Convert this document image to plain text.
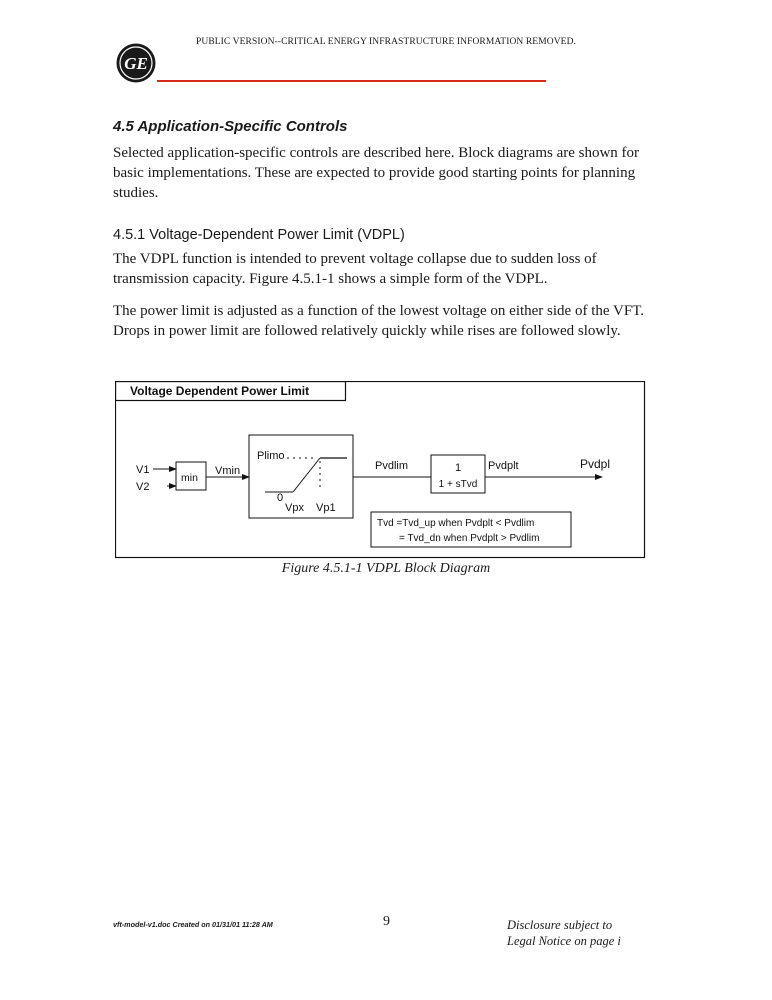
PUBLIC VERSION--CRITICAL ENERGY INFRASTRUCTURE INFORMATION REMOVED.
GE
4.5 Application-Specific Controls
Selected application-specific controls are described here. Block diagrams are shown for basic implementations. These are expected to provide good starting points for planning studies.
4.5.1 Voltage-Dependent Power Limit (VDPL)
The VDPL function is intended to prevent voltage collapse due to sudden loss of transmission capacity. Figure 4.5.1-1 shows a simple form of the VDPL.
The power limit is adjusted as a function of the lowest voltage on either side of the VFT. Drops in power limit are followed relatively quickly while rises are followed slowly.
Voltage Dependent Power Limit
V1
V2
min
Vmin
Plimo
0
Vpx Vp1
Pvdlim	1
1 + sTvd
Pvdplt	Pvdpl
Tvd =Tvd_up when Pvdplt < Pvdlim
= Tvd_dn when Pvdplt > Pvdlim
Figure 4.5.1-1 VDPL Block Diagram
vft-model-v1.doc Created on 01/31/01 11:28 AM	9	Disclosure subject to
Legal Notice on page i
